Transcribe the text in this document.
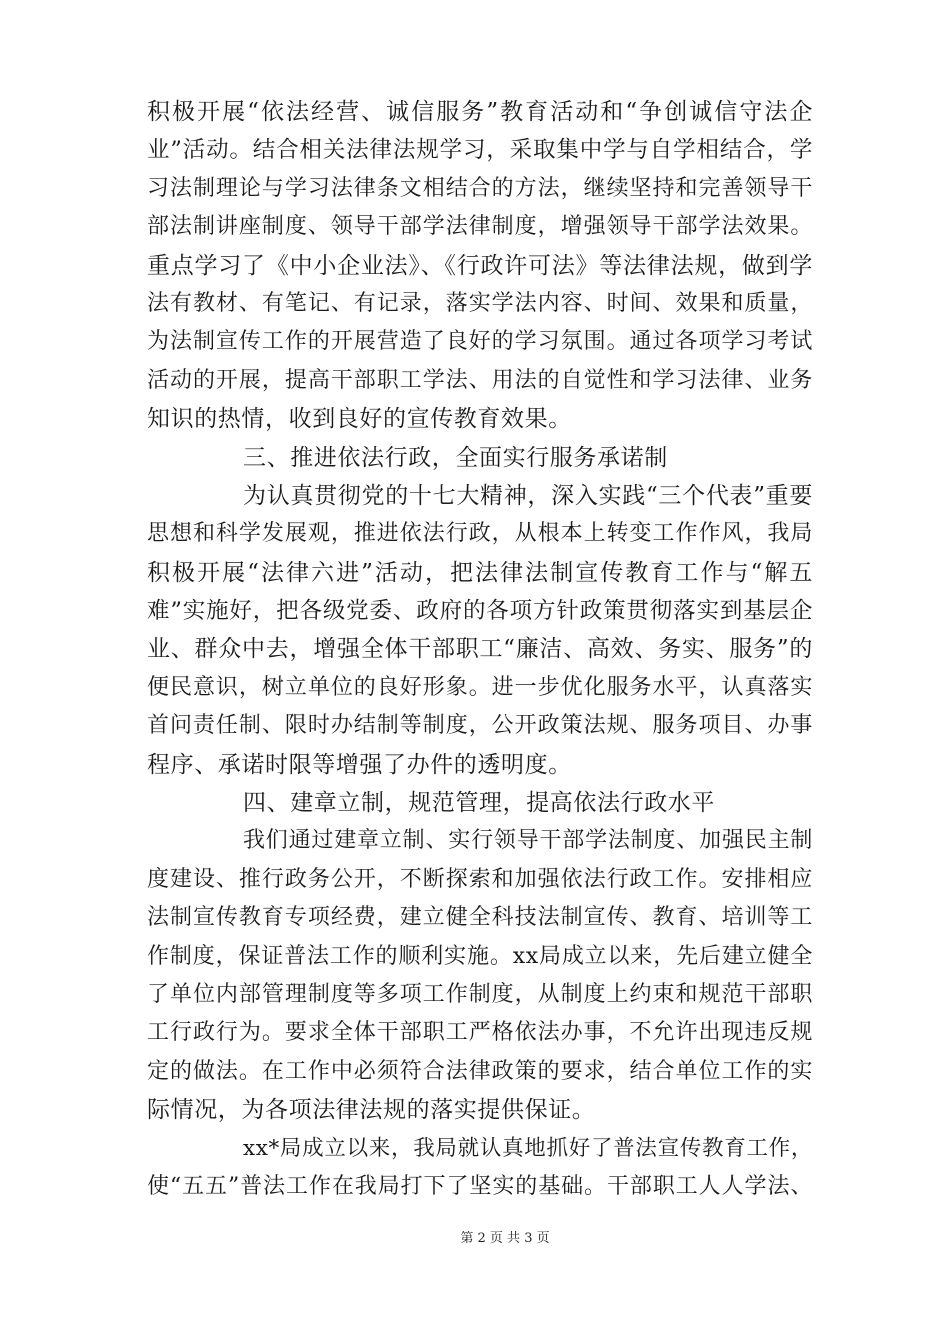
积极开展“依法经营、诚信服务”教育活动和“争创诚信守法企
业”活动。结合相关法律法规学习，采取集中学与自学相结合，学
习法制理论与学习法律条文相结合的方法，继续坚持和完善领导干
部法制讲座制度、领导干部学法律制度，增强领导干部学法效果。
重点学习了《中小企业法》、《行政许可法》等法律法规，做到学
法有教材、有笔记、有记录，落实学法内容、时间、效果和质量，
为法制宣传工作的开展营造了良好的学习氛围。通过各项学习考试
活动的开展，提高干部职工学法、用法的自觉性和学习法律、业务
知识的热情，收到良好的宣传教育效果。
三、推进依法行政，全面实行服务承诺制
为认真贯彻党的十七大精神，深入实践“三个代表”重要
思想和科学发展观，推进依法行政，从根本上转变工作作风，我局
积极开展“法律六进”活动，把法律法制宣传教育工作与“解五
难”实施好，把各级党委、政府的各项方针政策贯彻落实到基层企
业、群众中去，增强全体干部职工“廉洁、高效、务实、服务”的
便民意识，树立单位的良好形象。进一步优化服务水平，认真落实
首问责任制、限时办结制等制度，公开政策法规、服务项目、办事
程序、承诺时限等增强了办件的透明度。
四、建章立制，规范管理，提高依法行政水平
我们通过建章立制、实行领导干部学法制度、加强民主制
度建设、推行政务公开，不断探索和加强依法行政工作。安排相应
法制宣传教育专项经费，建立健全科技法制宣传、教育、培训等工
作制度，保证普法工作的顺利实施。xx局成立以来，先后建立健全
了单位内部管理制度等多项工作制度，从制度上约束和规范干部职
工行政行为。要求全体干部职工严格依法办事，不允许出现违反规
定的做法。在工作中必须符合法律政策的要求，结合单位工作的实
际情况，为各项法律法规的落实提供保证。
xx*局成立以来，我局就认真地抓好了普法宣传教育工作，
使“五五”普法工作在我局打下了坚实的基础。干部职工人人学法、
第 2 页 共 3 页
